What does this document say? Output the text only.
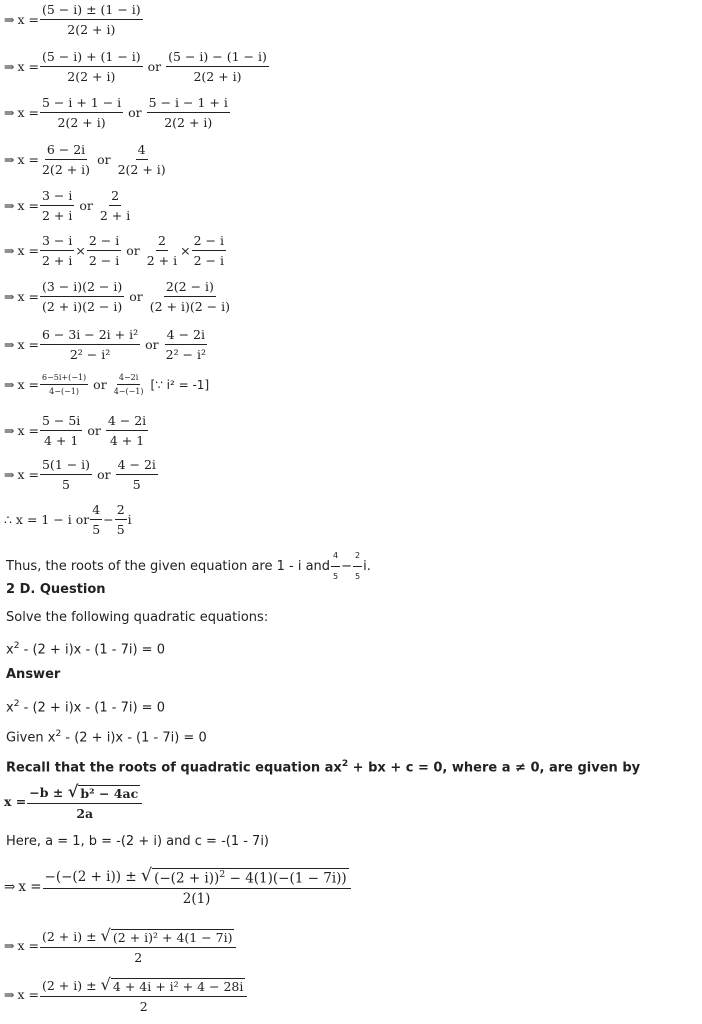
⇒ $x = \frac{(5 - i) \pm (1 - i)}{2(2 + i)}$
⇒ $x = \frac{(5 - i) + (1 - i)}{2(2 + i)}$ or $\frac{(5 - i) - (1 - i)}{2(2 + i)}$
⇒ $x = \frac{5 - i + 1 - i}{2(2 + i)}$ or $\frac{5 - i - 1 + i}{2(2 + i)}$
⇒ $x = \frac{6 - 2i}{2(2 + i)}$ or $\frac{4}{2(2 + i)}$
⇒ $x = \frac{3 - i}{2 + i}$ or $\frac{2}{2 + i}$
⇒ $x = \frac{3 - i}{2 + i} \times \frac{2 - i}{2 - i}$ or $\frac{2}{2 + i} \times \frac{2 - i}{2 - i}$
⇒ $x = \frac{(3 - i)(2 - i)}{(2 + i)(2 - i)}$ or $\frac{2(2 - i)}{(2 + i)(2 - i)}$
⇒ $x = \frac{\text{6 − 3i − 2i + i²}}{\text{2² − i²}}$ or $\frac{4 - 2i}{\text{2² − i²}}$
⇒ $x = \frac{6-5i+(-1)}{4-(-1)}$ or $\frac{4-2i}{4-(-1)}$ [∵ i² = -1]
⇒ $x = \frac{5 - 5i}{4 + 1}$ or $\frac{4 - 2i}{4 + 1}$
⇒ $x = \frac{5(1 - i)}{5}$ or $\frac{4 - 2i}{5}$
∴ x = 1 − i or $\frac{4}{5} - \frac{2}{5}$ i
Thus, the roots of the given equation are 1 - i and $\frac{4}{5} - \frac{2}{5} i$.
2 D. Question
Solve the following quadratic equations:
$x^2 - (2 + i)x - (1 - 7i) = 0$
Answer
$x^2 - (2 + i)x - (1 - 7i) = 0$
Given $x^2 - (2 + i)x - (1 - 7i) = 0$
Recall that the roots of quadratic equation $ax^2$ + bx + c = 0, where a ≠ 0, are given by
$x = \frac{\text{−b ± √ b² − 4ac}}{2a}$
Here, a = 1, b = -(2 + i) and c = -(1 - 7i)
⇒ $x = \frac{-(-(2 + i)) \pm √ (-(2 + i))^2 - 4(1)(-(1 - 7i))}{2(1)}$
⇒ $x = \frac{\text{(2 + i) ± √ (2 + i)² + 4(1 − 7i)}}{2}$
⇒ $x = \frac{\text{(2 + i) ± √ 4 + 4i + i² + 4 − 28i}}{2}$
